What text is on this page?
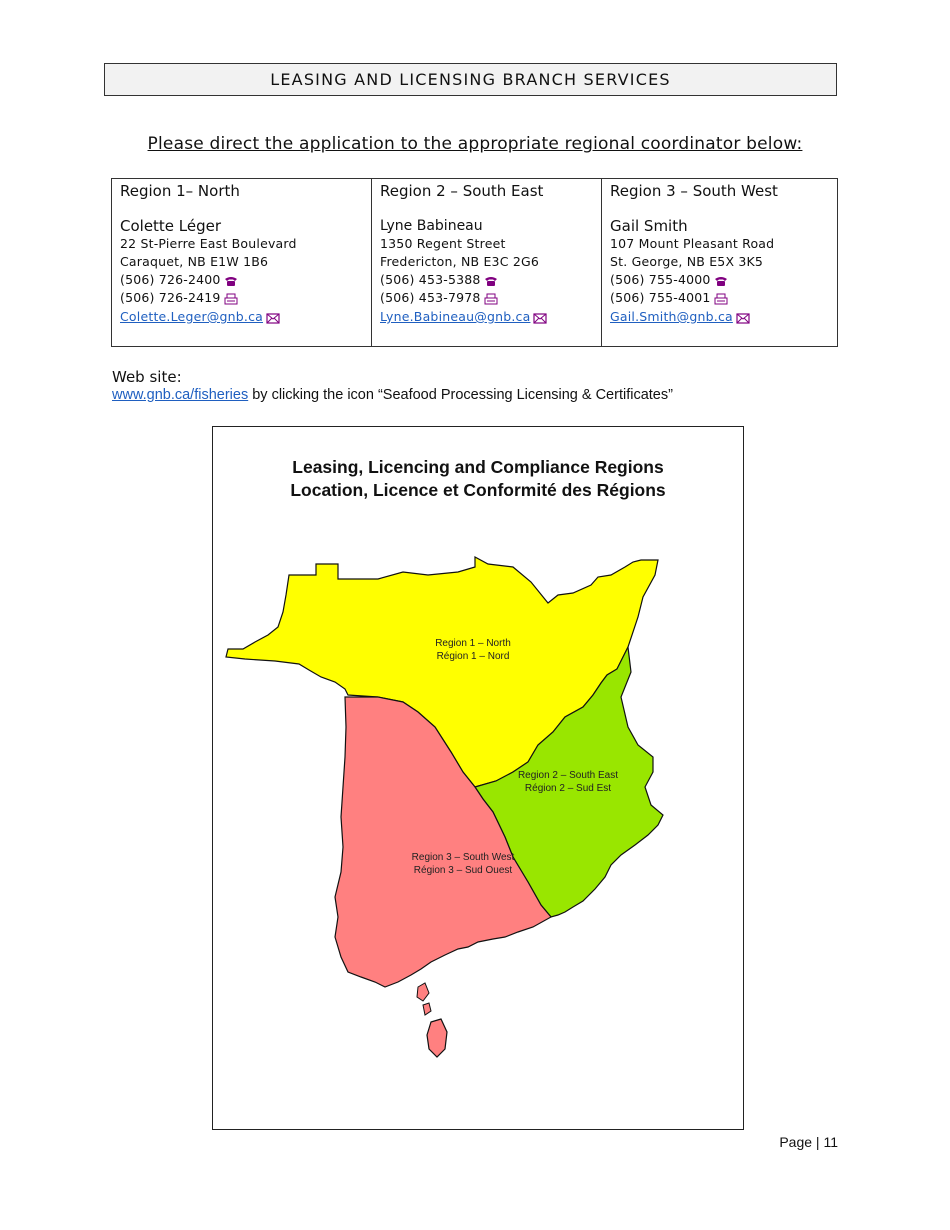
LEASING AND LICENSING BRANCH SERVICES
Please direct the application to the appropriate regional coordinator below:
Region 1– North
Colette Léger
22 St-Pierre East Boulevard
Caraquet, NB E1W 1B6
(506) 726-2400
(506) 726-2419
Colette.Leger@gnb.ca

Region 2 – South East
Lyne Babineau
1350 Regent Street
Fredericton, NB E3C 2G6
(506) 453-5388
(506) 453-7978
Lyne.Babineau@gnb.ca

Region 3 – South West
Gail Smith
107 Mount Pleasant Road
St. George, NB E5X 3K5
(506) 755-4000
(506) 755-4001
Gail.Smith@gnb.ca
Web site:
www.gnb.ca/fisheries by clicking the icon “Seafood Processing Licensing & Certificates”
Leasing, Licencing and Compliance Regions
Location, Licence et Conformité des Régions
Region 1 – North
Région 1 – Nord
Region 2 – South East
Région 2 – Sud Est
Region 3 – South West
Région 3 – Sud Ouest
Page | 11
